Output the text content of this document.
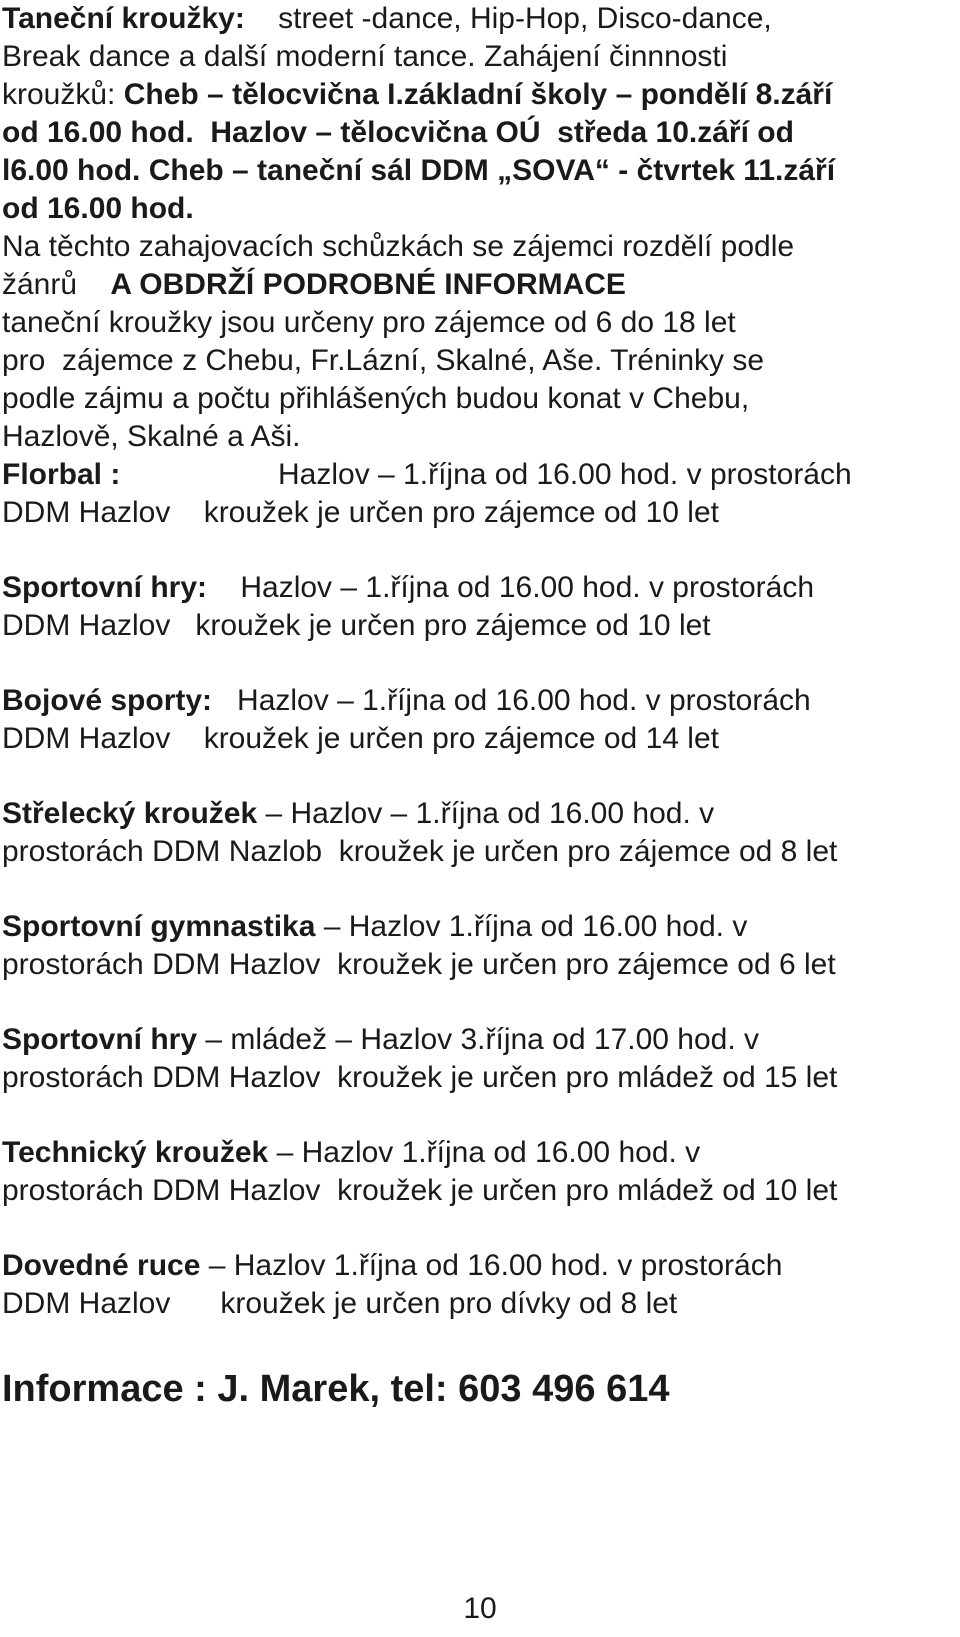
Taneční kroužky:    street -dance, Hip-Hop, Disco-dance,
Break dance a další moderní tance. Zahájení činnnosti
kroužků: Cheb – tělocvična I.základní školy – pondělí 8.září
od 16.00 hod.  Hazlov – tělocvična OÚ  středa 10.září od
l6.00 hod. Cheb – taneční sál DDM „SOVA“ - čtvrtek 11.září
od 16.00 hod.
Na těchto zahajovacích schůzkách se zájemci rozdělí podle
žánrů    A OBDRŽÍ PODROBNÉ INFORMACE
taneční kroužky jsou určeny pro zájemce od 6 do 18 let
pro  zájemce z Chebu, Fr.Lázní, Skalné, Aše. Tréninky se
podle zájmu a počtu přihlášených budou konat v Chebu,
Hazlově, Skalné a Aši.
Florbal :	Hazlov – 1.října od 16.00 hod. v prostorách
DDM Hazlov    kroužek je určen pro zájemce od 10 let
Sportovní hry:    Hazlov – 1.října od 16.00 hod. v prostorách
DDM Hazlov   kroužek je určen pro zájemce od 10 let
Bojové sporty:   Hazlov – 1.října od 16.00 hod. v prostorách
DDM Hazlov    kroužek je určen pro zájemce od 14 let
Střelecký kroužek – Hazlov – 1.října od 16.00 hod. v
prostorách DDM Nazlob  kroužek je určen pro zájemce od 8 let
Sportovní gymnastika – Hazlov 1.října od 16.00 hod. v
prostorách DDM Hazlov  kroužek je určen pro zájemce od 6 let
Sportovní hry – mládež – Hazlov 3.října od 17.00 hod. v
prostorách DDM Hazlov  kroužek je určen pro mládež od 15 let
Technický kroužek – Hazlov 1.října od 16.00 hod. v
prostorách DDM Hazlov  kroužek je určen pro mládež od 10 let
Dovedné ruce – Hazlov 1.října od 16.00 hod. v prostorách
DDM Hazlov      kroužek je určen pro dívky od 8 let
Informace : J. Marek, tel: 603 496 614
10
